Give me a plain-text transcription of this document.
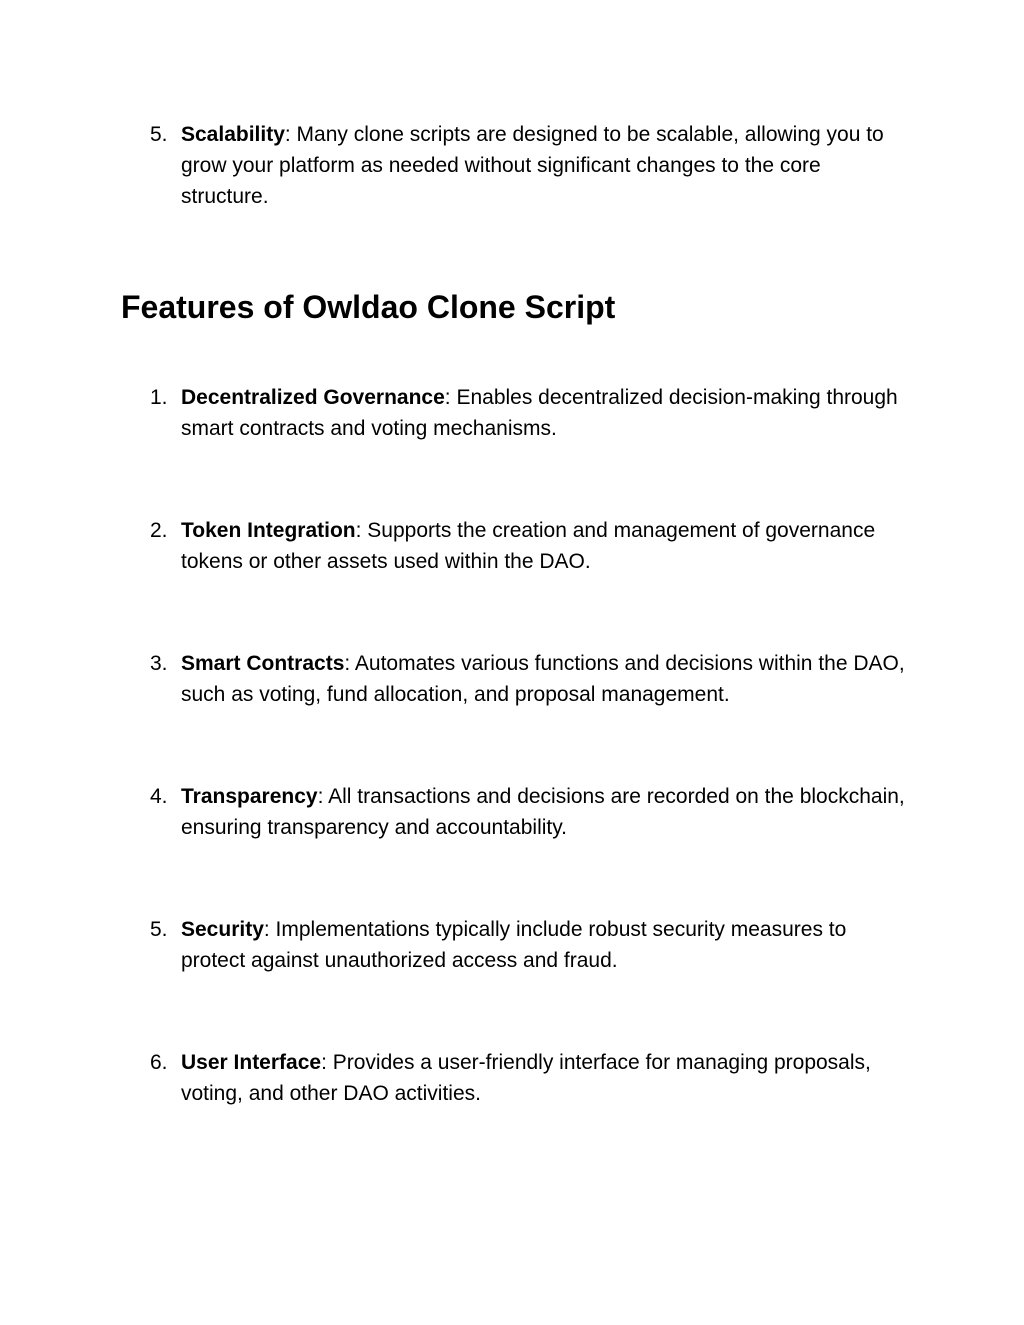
5. Scalability: Many clone scripts are designed to be scalable, allowing you to grow your platform as needed without significant changes to the core structure.
Features of Owldao Clone Script
1. Decentralized Governance: Enables decentralized decision-making through smart contracts and voting mechanisms.
2. Token Integration: Supports the creation and management of governance tokens or other assets used within the DAO.
3. Smart Contracts: Automates various functions and decisions within the DAO, such as voting, fund allocation, and proposal management.
4. Transparency: All transactions and decisions are recorded on the blockchain, ensuring transparency and accountability.
5. Security: Implementations typically include robust security measures to protect against unauthorized access and fraud.
6. User Interface: Provides a user-friendly interface for managing proposals, voting, and other DAO activities.
